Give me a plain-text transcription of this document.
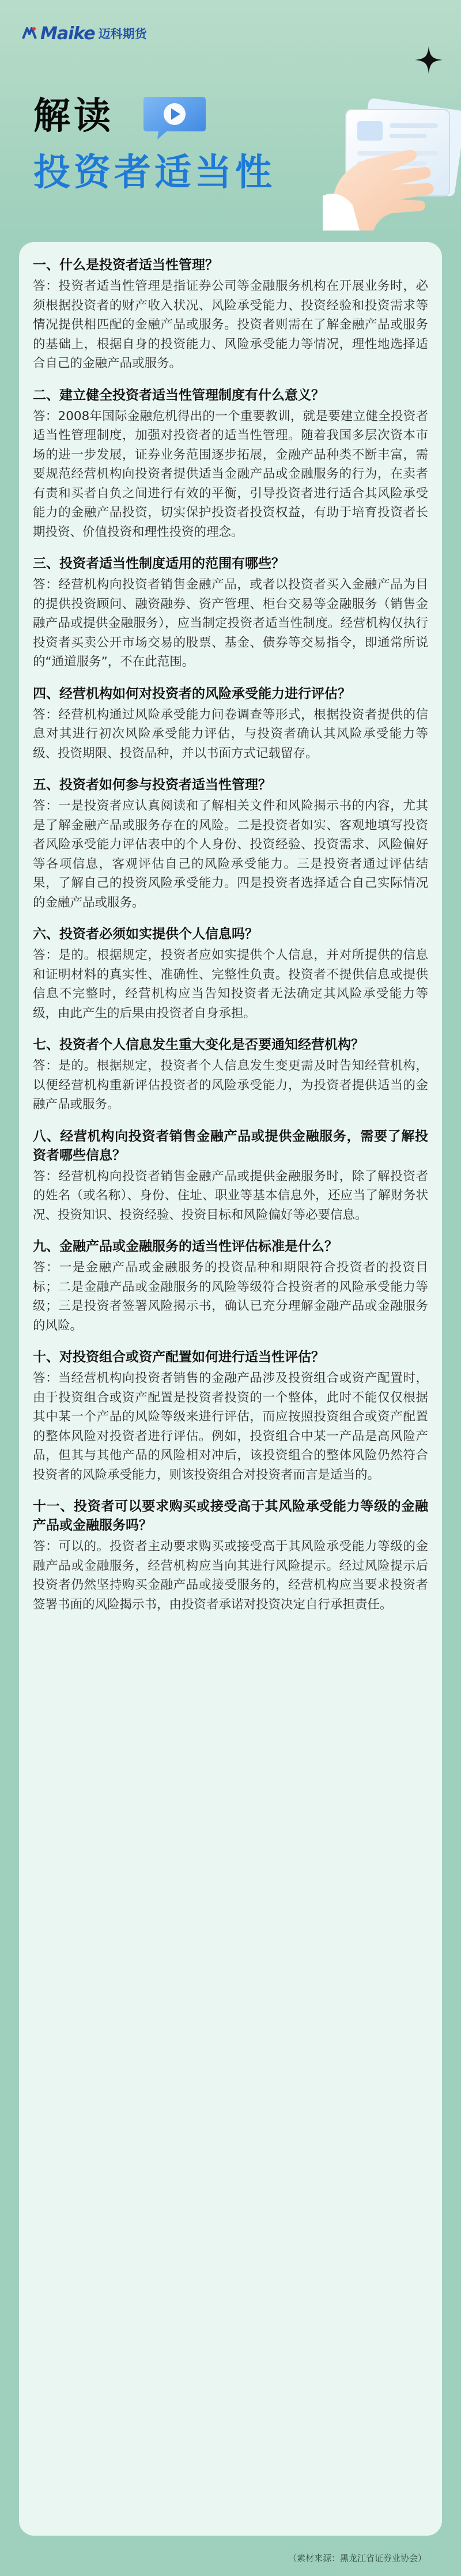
Maike 迈科期货
解读
投资者适当性

一、什么是投资者适当性管理？

答：投资者适当性管理是指证券公司等金融服务机构在开展业务时，必须根据投资者的财产收入状况、风险承受能力、投资经验和投资需求等情况提供相匹配的金融产品或服务。投资者则需在了解金融产品或服务的基础上，根据自身的投资能力、风险承受能力等情况，理性地选择适合自己的金融产品或服务。

二、建立健全投资者适当性管理制度有什么意义？

答：2008年国际金融危机得出的一个重要教训，就是要建立健全投资者适当性管理制度，加强对投资者的适当性管理。随着我国多层次资本市场的进一步发展，证券业务范围逐步拓展，金融产品种类不断丰富，需要规范经营机构向投资者提供适当金融产品或金融服务的行为，在卖者有责和买者自负之间进行有效的平衡，引导投资者进行适合其风险承受能力的金融产品投资，切实保护投资者投资权益，有助于培育投资者长期投资、价值投资和理性投资的理念。

三、投资者适当性制度适用的范围有哪些？

答：经营机构向投资者销售金融产品，或者以投资者买入金融产品为目的提供投资顾问、融资融券、资产管理、柜台交易等金融服务（销售金融产品或提供金融服务），应当制定投资者适当性制度。经营机构仅执行投资者买卖公开市场交易的股票、基金、债券等交易指令，即通常所说的“通道服务”，不在此范围。

四、经营机构如何对投资者的风险承受能力进行评估？

答：经营机构通过风险承受能力问卷调查等形式，根据投资者提供的信息对其进行初次风险承受能力评估，与投资者确认其风险承受能力等级、投资期限、投资品种，并以书面方式记载留存。

五、投资者如何参与投资者适当性管理？

答：一是投资者应认真阅读和了解相关文件和风险揭示书的内容，尤其是了解金融产品或服务存在的风险。二是投资者如实、客观地填写投资者风险承受能力评估表中的个人身份、投资经验、投资需求、风险偏好等各项信息，客观评估自己的风险承受能力。三是投资者通过评估结果，了解自己的投资风险承受能力。四是投资者选择适合自己实际情况的金融产品或服务。

六、投资者必须如实提供个人信息吗？

答：是的。根据规定，投资者应如实提供个人信息，并对所提供的信息和证明材料的真实性、准确性、完整性负责。投资者不提供信息或提供信息不完整时，经营机构应当告知投资者无法确定其风险承受能力等级，由此产生的后果由投资者自身承担。

七、投资者个人信息发生重大变化是否要通知经营机构？

答：是的。根据规定，投资者个人信息发生变更需及时告知经营机构，以便经营机构重新评估投资者的风险承受能力，为投资者提供适当的金融产品或服务。

八、经营机构向投资者销售金融产品或提供金融服务，需要了解投资者哪些信息？

答：经营机构向投资者销售金融产品或提供金融服务时，除了解投资者的姓名（或名称）、身份、住址、职业等基本信息外，还应当了解财务状况、投资知识、投资经验、投资目标和风险偏好等必要信息。

九、金融产品或金融服务的适当性评估标准是什么？

答：一是金融产品或金融服务的投资品种和期限符合投资者的投资目标；二是金融产品或金融服务的风险等级符合投资者的风险承受能力等级；三是投资者签署风险揭示书，确认已充分理解金融产品或金融服务的风险。

十、对投资组合或资产配置如何进行适当性评估？

答：当经营机构向投资者销售的金融产品涉及投资组合或资产配置时，由于投资组合或资产配置是投资者投资的一个整体，此时不能仅仅根据其中某一个产品的风险等级来进行评估，而应按照投资组合或资产配置的整体风险对投资者进行评估。例如，投资组合中某一产品是高风险产品，但其与其他产品的风险相对冲后，该投资组合的整体风险仍然符合投资者的风险承受能力，则该投资组合对投资者而言是适当的。

十一、投资者可以要求购买或接受高于其风险承受能力等级的金融产品或金融服务吗？

答：可以的。投资者主动要求购买或接受高于其风险承受能力等级的金融产品或金融服务，经营机构应当向其进行风险提示。经过风险提示后投资者仍然坚持购买金融产品或接受服务的，经营机构应当要求投资者签署书面的风险揭示书，由投资者承诺对投资决定自行承担责任。

（素材来源：黑龙江省证券业协会）
